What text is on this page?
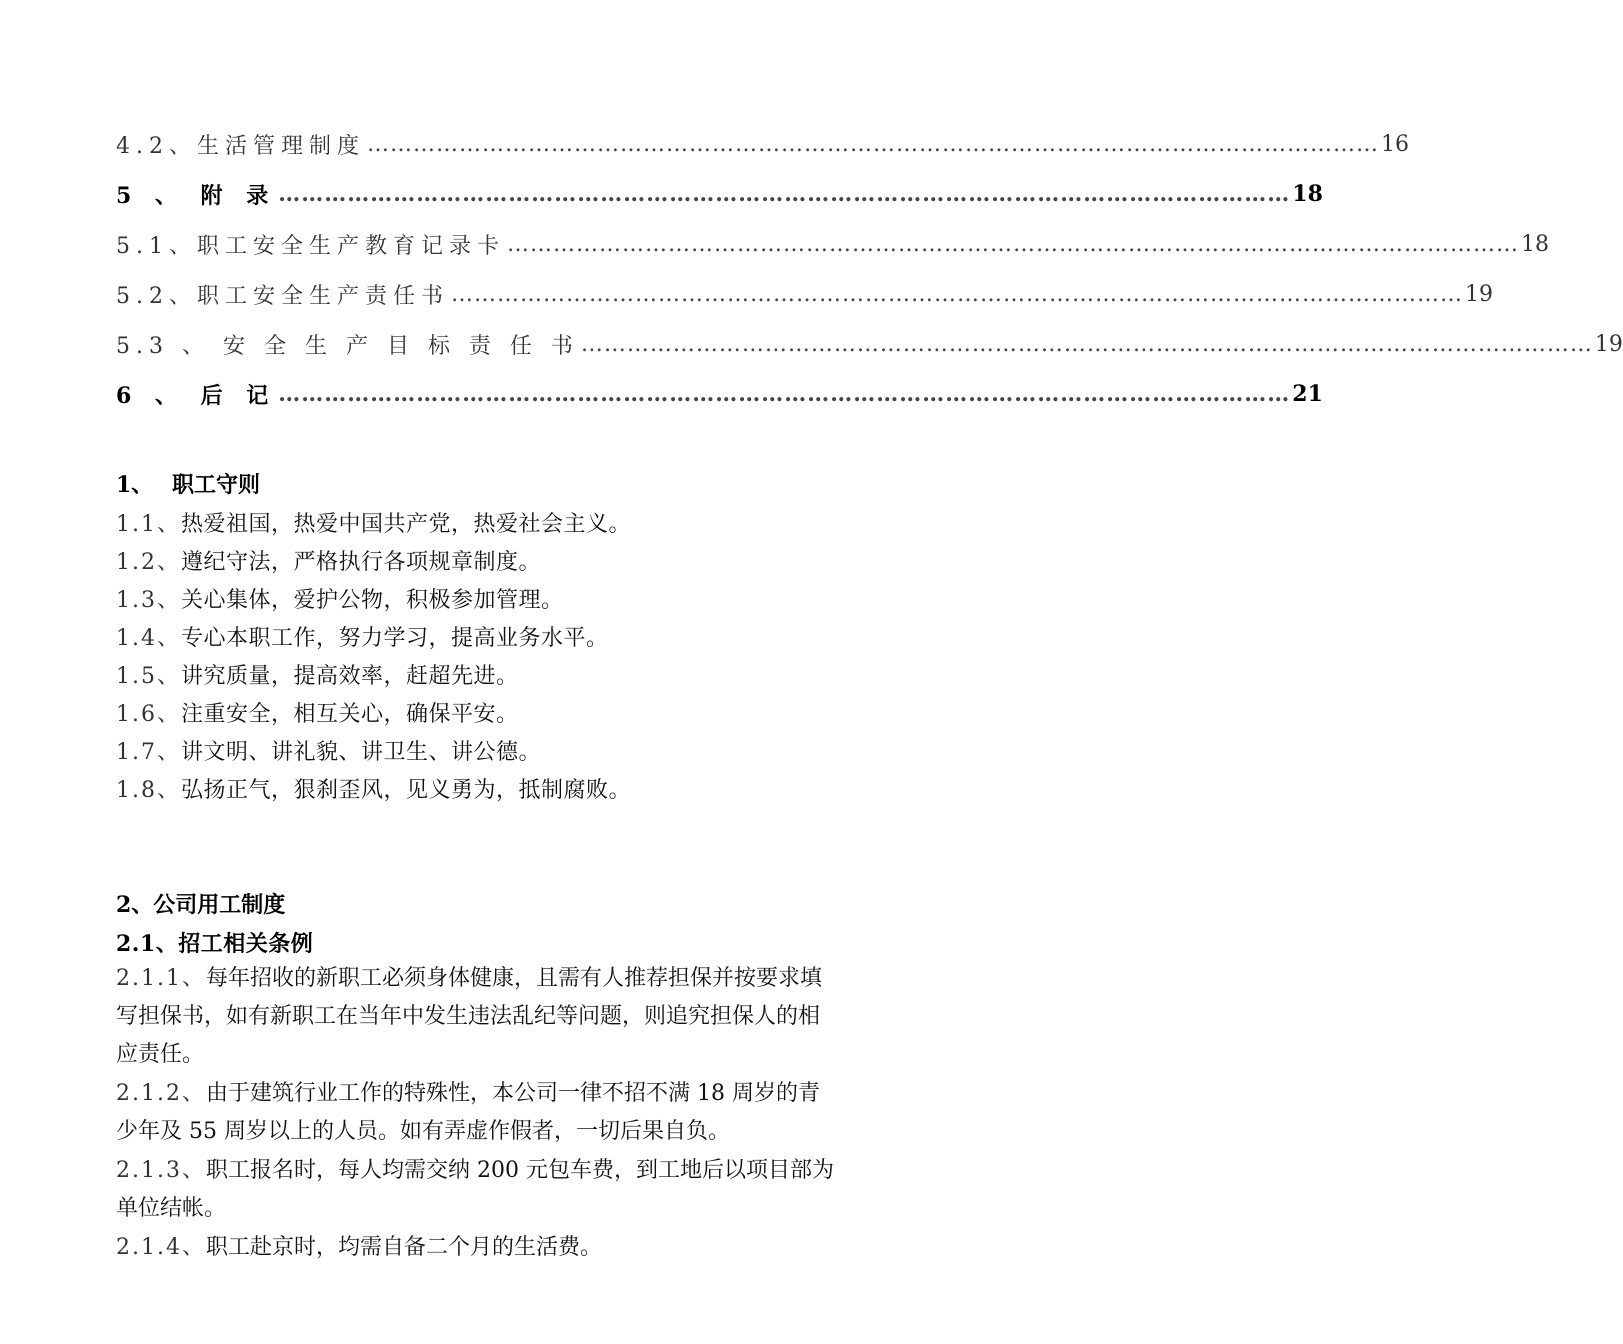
4.2、生活管理制度 …………………………………………………………………………………………………………………… 16
5 、 附 录 …………………………………………………………………………………………………………………… 18
5.1、职工安全生产教育记录卡 …………………………………………………………………………………………………………………… 18
5.2、职工安全生产责任书 …………………………………………………………………………………………………………………… 19
5.3 、 安 全 生 产 目 标 责 任 书 …………………………………………………………………………………………………………………… 19
6 、 后 记 …………………………………………………………………………………………………………………… 21
1、　 职工守则
1.1、热爱祖国，热爱中国共产党，热爱社会主义。
1.2、遵纪守法，严格执行各项规章制度。
1.3、关心集体，爱护公物，积极参加管理。
1.4、专心本职工作，努力学习，提高业务水平。
1.5、讲究质量，提高效率，赶超先进。
1.6、注重安全，相互关心，确保平安。
1.7、讲文明、讲礼貌、讲卫生、讲公德。
1.8、弘扬正气，狠刹歪风，见义勇为，抵制腐败。
2、公司用工制度
2.1、招工相关条例
2.1.1、每年招收的新职工必须身体健康，且需有人推荐担保并按要求填写担保书，如有新职工在当年中发生违法乱纪等问题，则追究担保人的相应责任。
2.1.2、由于建筑行业工作的特殊性，本公司一律不招不满 18 周岁的青少年及 55 周岁以上的人员。如有弄虚作假者，一切后果自负。
2.1.3、职工报名时，每人均需交纳 200 元包车费，到工地后以项目部为单位结帐。
2.1.4、职工赴京时，均需自备二个月的生活费。
